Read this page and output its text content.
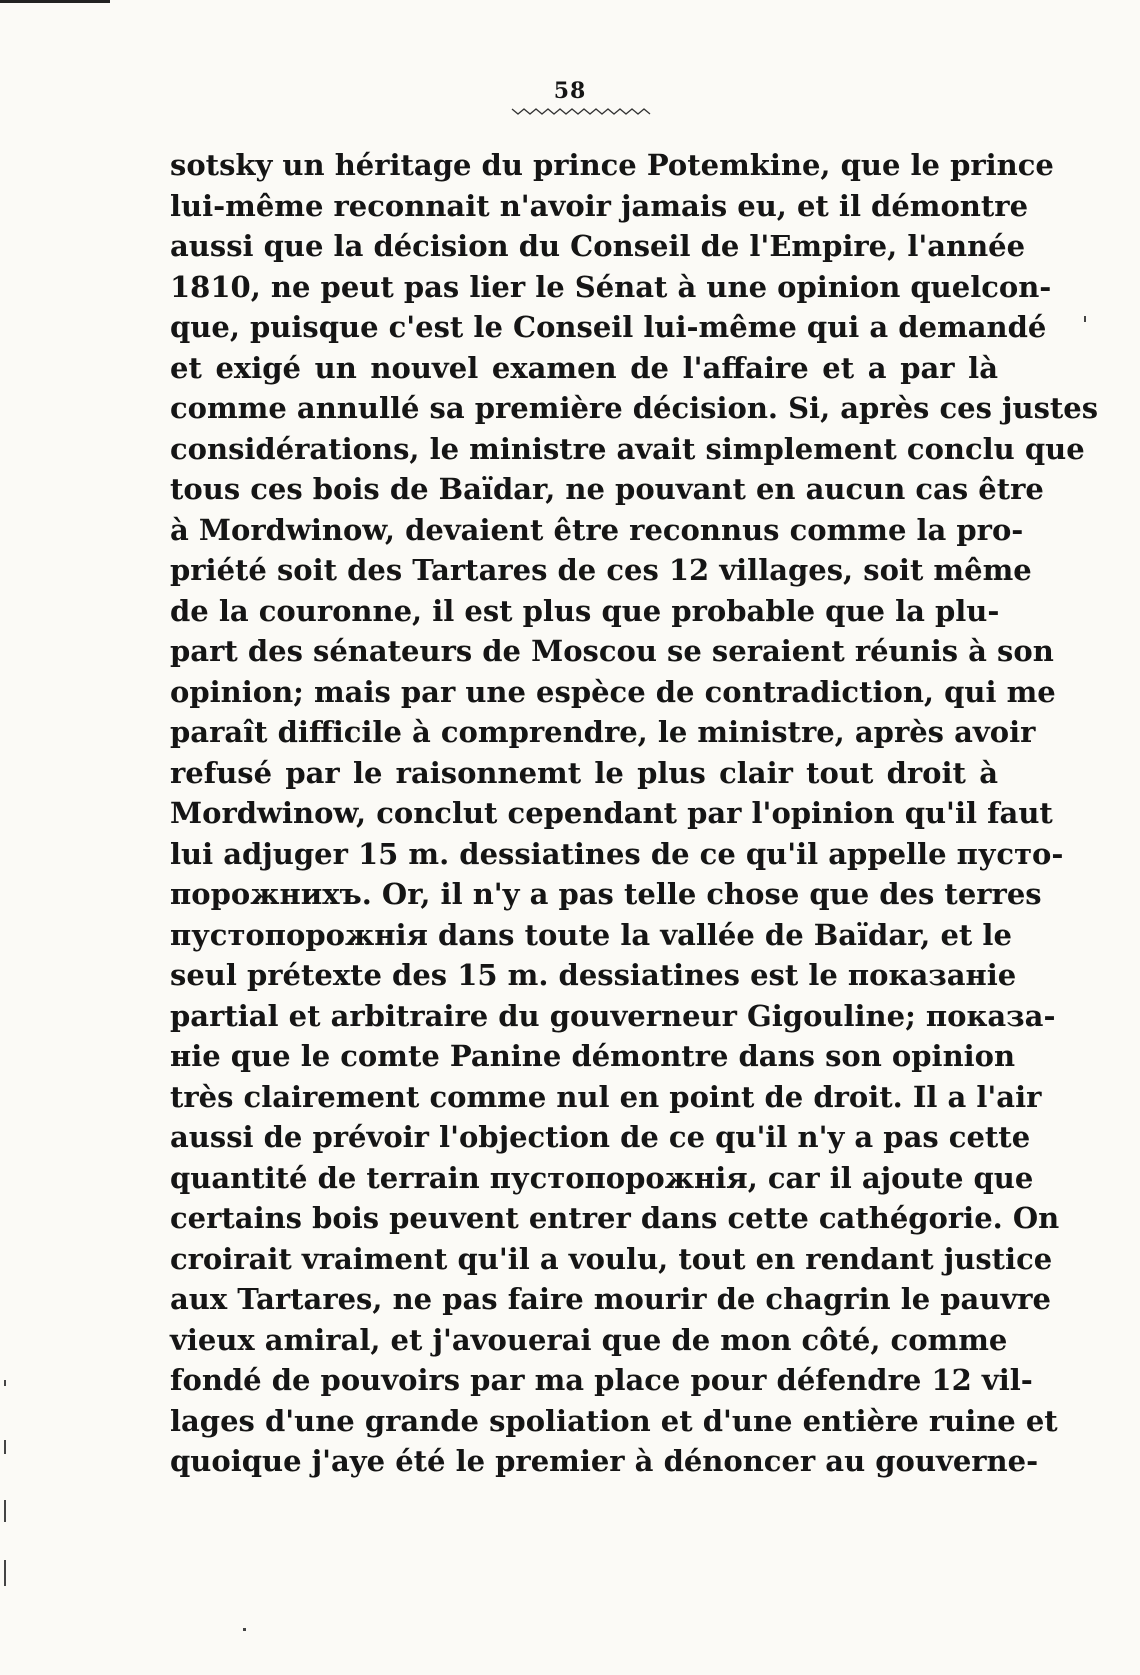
58
sotsky un héritage du prince Potemkine, que le prince
lui-même reconnait n'avoir jamais eu, et il démontre
aussi que la décision du Conseil de l'Empire, l'année
1810, ne peut pas lier le Sénat à une opinion quelcon-
que, puisque c'est le Conseil lui-même qui a demandé
et exigé un nouvel examen de l'affaire et a par là
comme annullé sa première décision. Si, après ces justes
considérations, le ministre avait simplement conclu que
tous ces bois de Baïdar, ne pouvant en aucun cas être
à Mordwinow, devaient être reconnus comme la pro-
priété soit des Tartares de ces 12 villages, soit même
de la couronne, il est plus que probable que la plu-
part des sénateurs de Moscou se seraient réunis à son
opinion; mais par une espèce de contradiction, qui me
paraît difficile à comprendre, le ministre, après avoir
refusé par le raisonnemt le plus clair tout droit à
Mordwinow, conclut cependant par l'opinion qu'il faut
lui adjuger 15 m. dessiatines de ce qu'il appelle пусто-
порожнихъ. Or, il n'y a pas telle chose que des terres
пустопорожнія dans toute la vallée de Baïdar, et le
seul prétexte des 15 m. dessiatines est le показаніе
partial et arbitraire du gouverneur Gigouline; показа-
ніе que le comte Panine démontre dans son opinion
très clairement comme nul en point de droit. Il a l'air
aussi de prévoir l'objection de ce qu'il n'y a pas cette
quantité de terrain пустопорожнія, car il ajoute que
certains bois peuvent entrer dans cette cathégorie. On
croirait vraiment qu'il a voulu, tout en rendant justice
aux Tartares, ne pas faire mourir de chagrin le pauvre
vieux amiral, et j'avouerai que de mon côté, comme
fondé de pouvoirs par ma place pour défendre 12 vil-
lages d'une grande spoliation et d'une entière ruine et
quoique j'aye été le premier à dénoncer au gouverne-
